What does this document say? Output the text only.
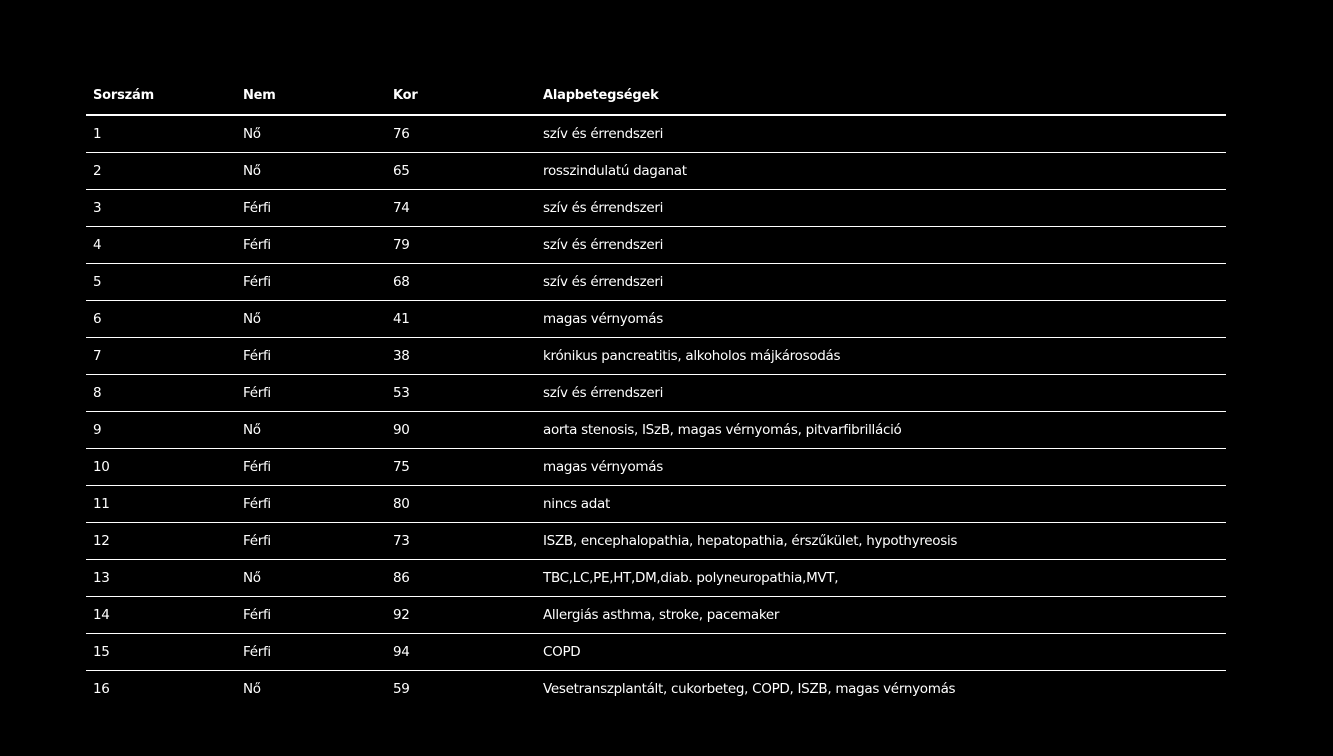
Sorszám	Nem	Kor	Alapbetegségek
1	Nő	76	szív és érrendszeri
2	Nő	65	rosszindulatú daganat
3	Férfi	74	szív és érrendszeri
4	Férfi	79	szív és érrendszeri
5	Férfi	68	szív és érrendszeri
6	Nő	41	magas vérnyomás
7	Férfi	38	krónikus pancreatitis, alkoholos májkárosodás
8	Férfi	53	szív és érrendszeri
9	Nő	90	aorta stenosis, ISzB, magas vérnyomás, pitvarfibrilláció
10	Férfi	75	magas vérnyomás
11	Férfi	80	nincs adat
12	Férfi	73	ISZB, encephalopathia, hepatopathia, érszűkület, hypothyreosis
13	Nő	86	TBC,LC,PE,HT,DM,diab. polyneuropathia,MVT,
14	Férfi	92	Allergiás asthma, stroke, pacemaker
15	Férfi	94	COPD
16	Nő	59	Vesetranszplantált, cukorbeteg, COPD, ISZB, magas vérnyomás
